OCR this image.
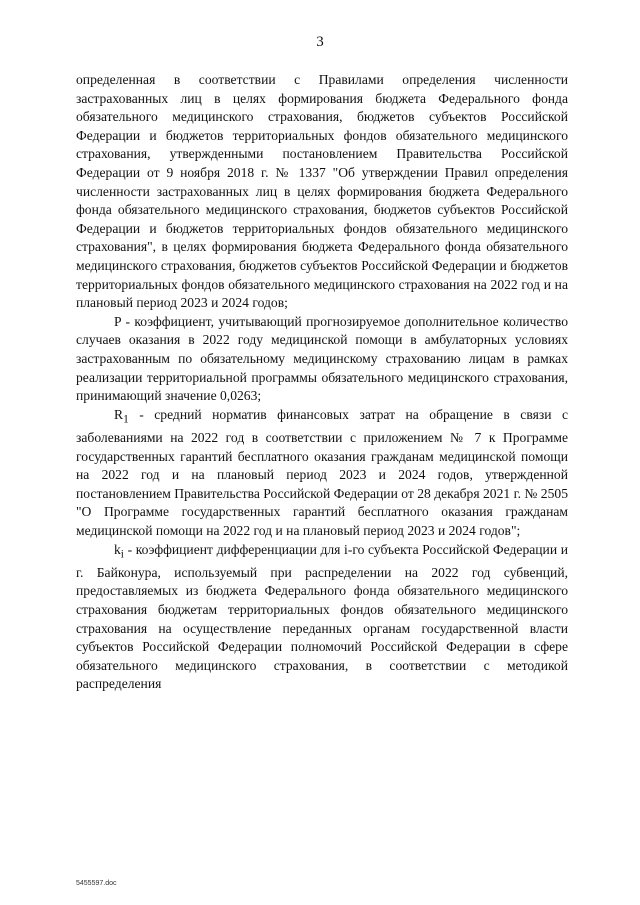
3

определенная в соответствии с Правилами определения численности застрахованных лиц в целях формирования бюджета Федерального фонда обязательного медицинского страхования, бюджетов субъектов Российской Федерации и бюджетов территориальных фондов обязательного медицинского страхования, утвержденными постановлением Правительства Российской Федерации от 9 ноября 2018 г. № 1337 "Об утверждении Правил определения численности застрахованных лиц в целях формирования бюджета Федерального фонда обязательного медицинского страхования, бюджетов субъектов Российской Федерации и бюджетов территориальных фондов обязательного медицинского страхования", в целях формирования бюджета Федерального фонда обязательного медицинского страхования, бюджетов субъектов Российской Федерации и бюджетов территориальных фондов обязательного медицинского страхования на 2022 год и на плановый период 2023 и 2024 годов;

P - коэффициент, учитывающий прогнозируемое дополнительное количество случаев оказания в 2022 году медицинской помощи в амбулаторных условиях застрахованным по обязательному медицинскому страхованию лицам в рамках реализации территориальной программы обязательного медицинского страхования, принимающий значение 0,0263;

$R_1$ - средний норматив финансовых затрат на обращение в связи с заболеваниями на 2022 год в соответствии с приложением № 7 к Программе государственных гарантий бесплатного оказания гражданам медицинской помощи на 2022 год и на плановый период 2023 и 2024 годов, утвержденной постановлением Правительства Российской Федерации от 28 декабря 2021 г. № 2505 "О Программе государственных гарантий бесплатного оказания гражданам медицинской помощи на 2022 год и на плановый период 2023 и 2024 годов";

$k_i$ - коэффициент дифференциации для i-го субъекта Российской Федерации и г. Байконура, используемый при распределении на 2022 год субвенций, предоставляемых из бюджета Федерального фонда обязательного медицинского страхования бюджетам территориальных фондов обязательного медицинского страхования на осуществление переданных органам государственной власти субъектов Российской Федерации полномочий Российской Федерации в сфере обязательного медицинского страхования, в соответствии с методикой распределения

5455597.doc
